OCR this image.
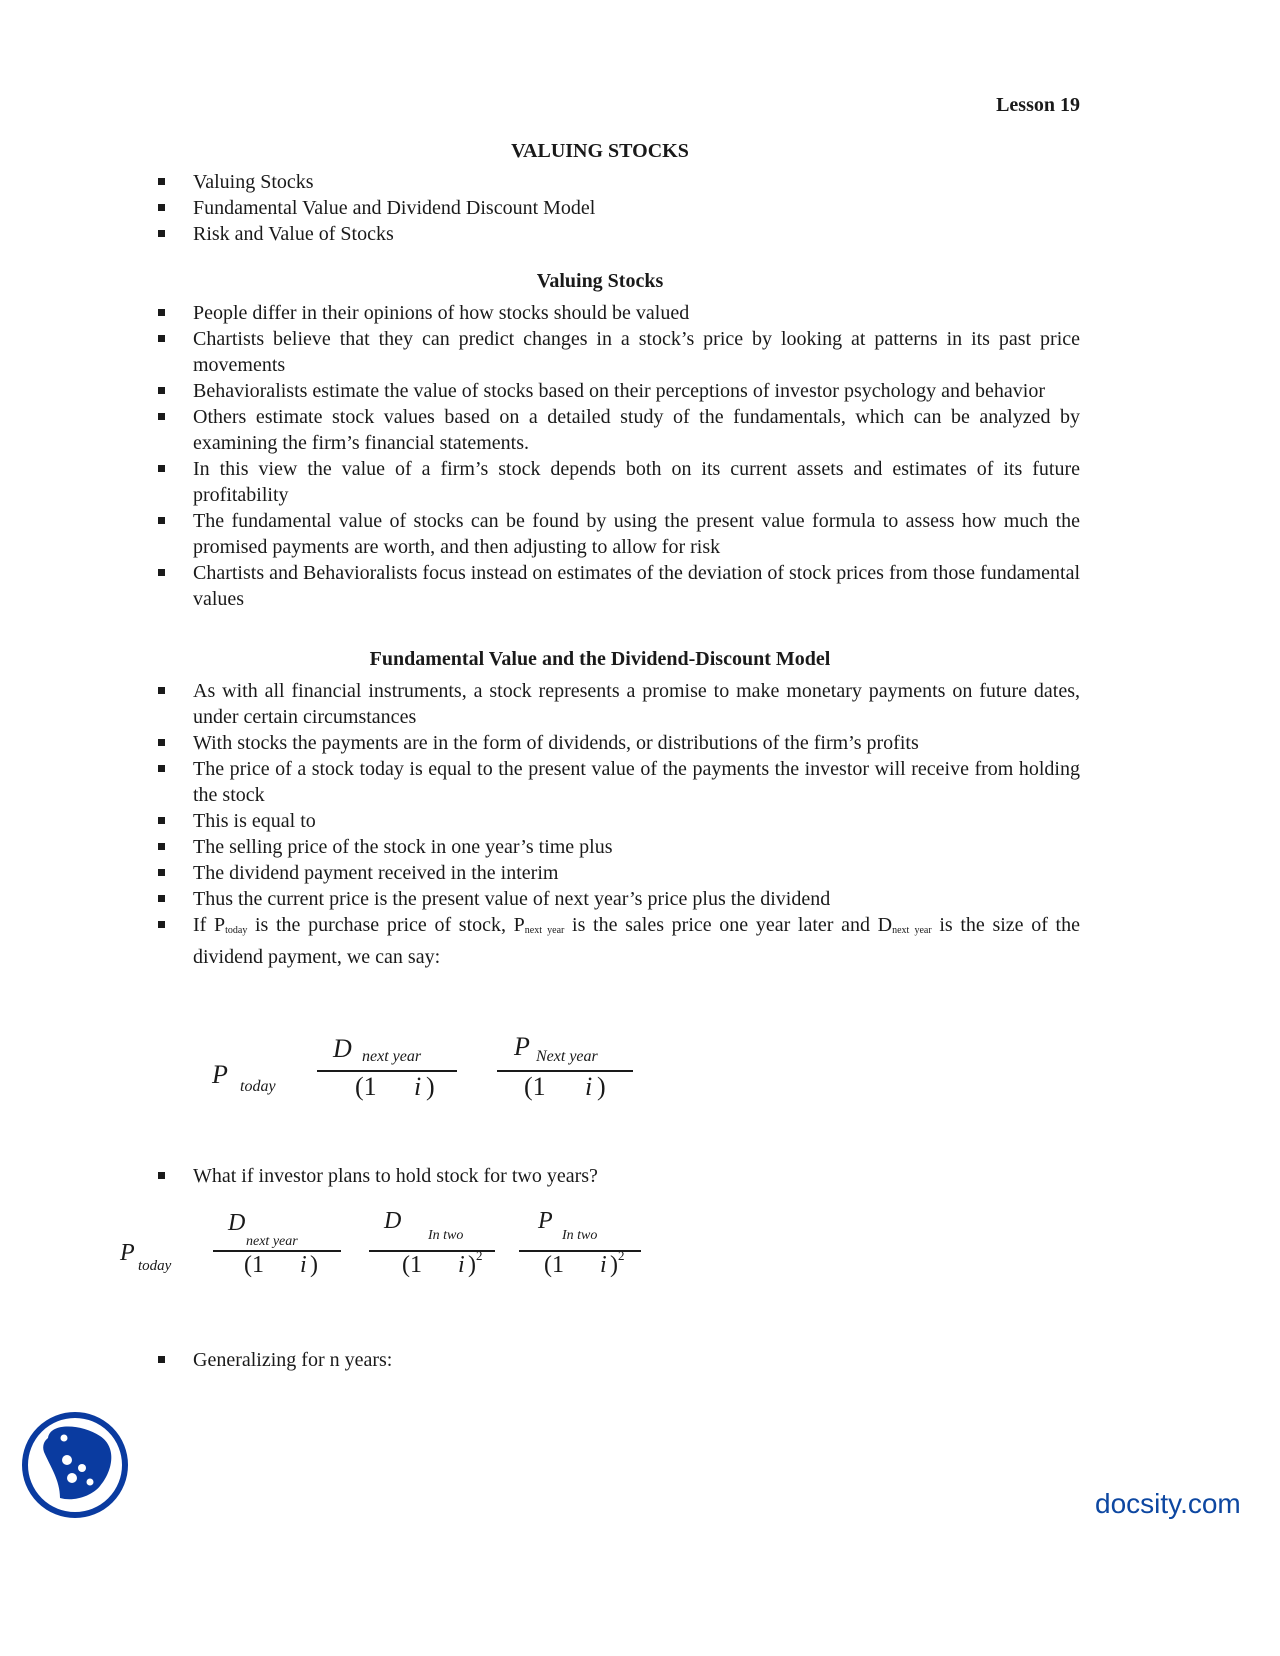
Lesson 19
VALUING STOCKS
Valuing Stocks
Fundamental Value and Dividend Discount Model
Risk and Value of Stocks
Valuing Stocks
People differ in their opinions of how stocks should be valued
Chartists believe that they can predict changes in a stock’s price by looking at patterns in its past price movements
Behavioralists estimate the value of stocks based on their perceptions of investor psychology and behavior
Others estimate stock values based on a detailed study of the fundamentals, which can be analyzed by examining the firm’s financial statements.
In this view the value of a firm’s stock depends both on its current assets and estimates of its future profitability
The fundamental value of stocks can be found by using the present value formula to assess how much the promised payments are worth, and then adjusting to allow for risk
Chartists and Behavioralists focus instead on estimates of the deviation of stock prices from those fundamental values
Fundamental Value and the Dividend-Discount Model
As with all financial instruments, a stock represents a promise to make monetary payments on future dates, under certain circumstances
With stocks the payments are in the form of dividends, or distributions of the firm’s profits
The price of a stock today is equal to the present value of the payments the investor will receive from holding the stock
This is equal to
The selling price of the stock in one year’s time plus
The dividend payment received in the interim
Thus the current price is the present value of next year’s price plus the dividend
If $P_{today}$ is the purchase price of stock, $P_{next year}$ is the sales price one year later and $D_{next year}$ is the size of the dividend payment, we can say:
P today
D next year
(1 i )
P Next year
(1 i )
What if investor plans to hold stock for two years?
P today
D
next year
(1 i )
D
In two
(1 i ) 2
P
In two
(1 i ) 2
Generalizing for n years:
docsity.com
